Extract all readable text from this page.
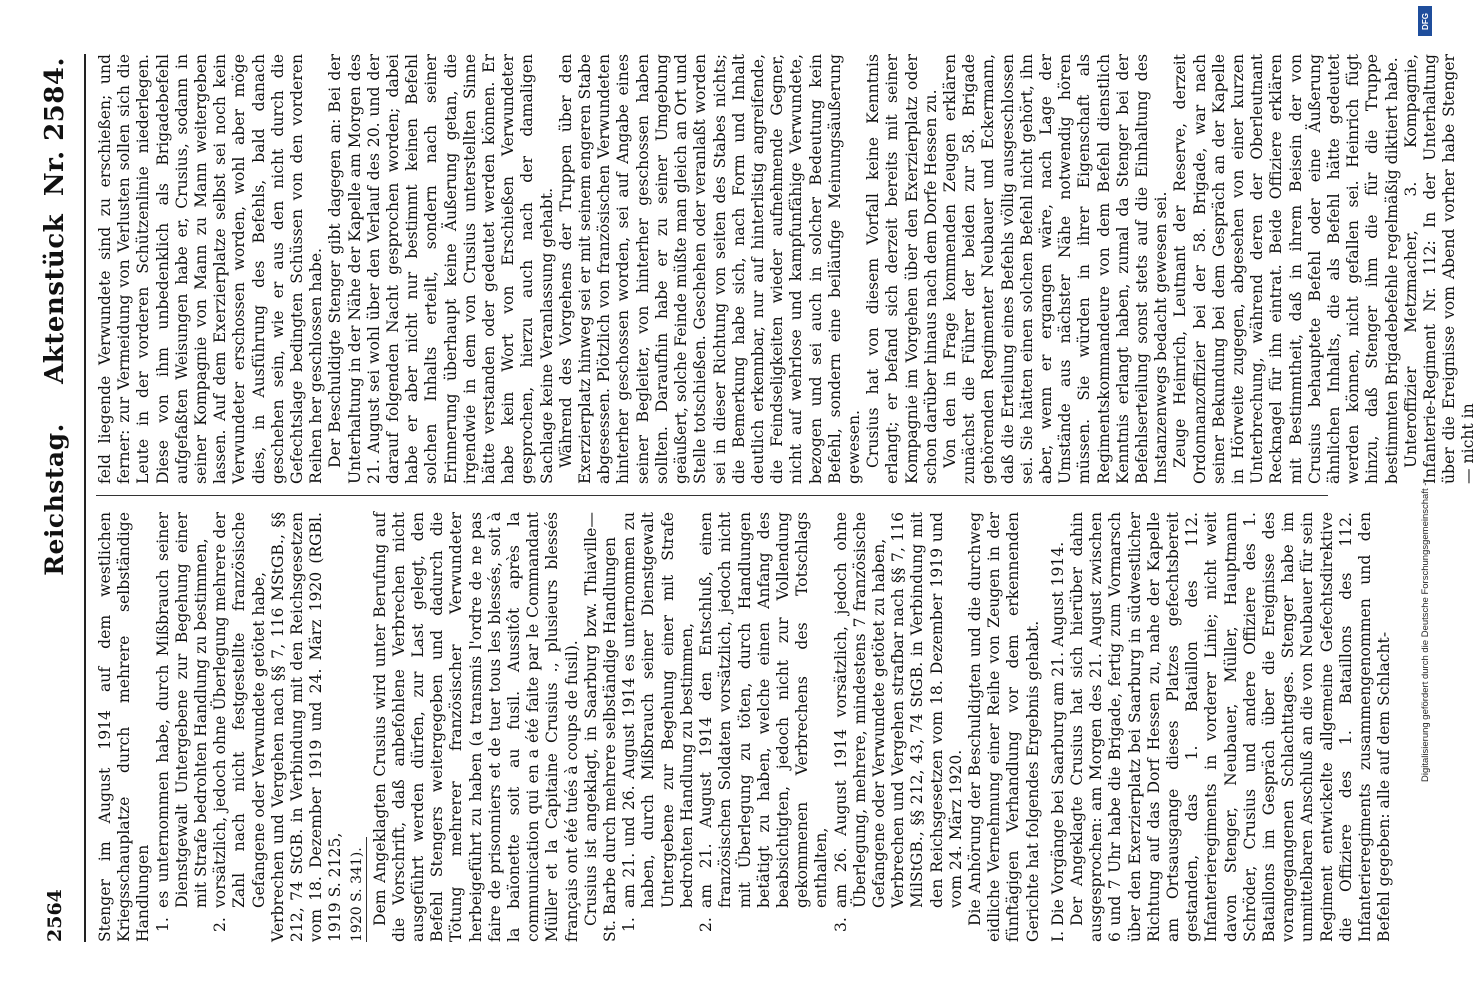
2564
Reichstag.
Aktenstück  Nr. 2584.

Stenger im August 1914 auf dem westlichen Kriegsschauplatze durch mehrere selbständige Handlungen 1.
es unternommen habe, durch Mißbrauch seiner Dienstgewalt Untergebene zur Begehung einer mit Strafe bedrohten Handlung zu bestimmen,

2.
vorsätzlich, jedoch ohne Überlegung mehrere der Zahl nach nicht festgestellte französische Gefangene oder Verwundete getötet habe, Verbrechen und Vergehen nach §§ 7, 116 MStGB., §§ 212, 74 StGB. in Verbindung mit den Reichsgesetzen vom 18. Dezember 1919 und 24. März 1920 (RGBl. 1919 S. 2125, 1920 S. 341). Dem Angeklagten Crusius wird unter Berufung auf die Vorschrift, daß anbefohlene Verbrechen nicht ausgeführt werden dürfen, zur Last gelegt, den Befehl Stengers weitergegeben und dadurch die Tötung mehrerer französischer Verwundeter herbeigeführt zu haben (a transmis l'ordre de ne pas faire de prisonniers et de tuer tous les blessés, soit à la baïonette soit au fusil. Aussitôt après la communication qui en a été faite par le Commandant Müller et la Capitaine Crusius ., plusieurs blessés français ont été tués à coups de fusil). Crusius ist angeklagt, in Saarburg bzw. Thiaville—St. Barbe durch mehrere selbständige Handlungen 1.
am 21. und 26. August 1914 es unternommen zu haben, durch Mißbrauch seiner Dienstgewalt Untergebene zur Begehung einer mit Strafe bedrohten Handlung zu bestimmen,

2.
am 21. August 1914 den Entschluß, einen französischen Soldaten vorsätzlich, jedoch nicht mit Überlegung zu töten, durch Handlungen betätigt zu haben, welche einen Anfang des beabsichtigten, jedoch nicht zur Vollendung gekommenen Verbrechens des Totschlags enthalten,

3.
am 26. August 1914 vorsätzlich, jedoch ohne Überlegung, mehrere, mindestens 7 französische Gefangene oder Verwundete getötet zu haben, Verbrechen und Vergehen strafbar nach §§ 7, 116 MilStGB., §§ 212, 43, 74 StGB. in Verbindung mit den Reichsgesetzen vom 18. Dezember 1919 und vom 24. März 1920. Die Anhörung der Beschuldigten und die durchweg eidliche Vernehmung einer Reihe von Zeugen in der fünftägigen Verhandlung vor dem erkennenden Gerichte hat folgendes Ergebnis gehabt. I. Die Vorgänge bei Saarburg am 21. August 1914. Der Angeklagte Crusius hat sich hierüber dahin ausgesprochen: am Morgen des 21. August zwischen 6 und 7 Uhr habe die Brigade, fertig zum Vormarsch über den Exerzierplatz bei Saarburg in südwestlicher Richtung auf das Dorf Hessen zu, nahe der Kapelle am Ortsausgange dieses Platzes gefechtsbereit gestanden, das 1. Bataillon des 112. Infanterieregiments in vorderer Linie; nicht weit davon Stenger, Neubauer, Müller, Hauptmann Schröder, Crusius und andere Offiziere des 1. Bataillons im Gespräch über die Ereignisse des vorangegangenen Schlachttages. Stenger habe im unmittelbaren Anschluß an die von Neubauer für sein Regiment entwickelte allgemeine Gefechtsdirektive die Offiziere des 1. Bataillons des 112. Infanterieregiments zusammengenommen und den Befehl gegeben: alle auf dem Schlacht-

feld liegende Verwundete sind zu erschießen; und ferner: zur Vermeidung von Verlusten sollen sich die Leute in der vorderen Schützenlinie niederlegen. Diese von ihm unbedenklich als Brigadebefehl aufgefaßten Weisungen habe er, Crusius, sodann in seiner Kompagnie von Mann zu Mann weitergeben lassen. Auf dem Exerzierplatze selbst sei noch kein Verwundeter erschossen worden, wohl aber möge dies, in Ausführung des Befehls, bald danach geschehen sein, wie er aus den nicht durch die Gefechtslage bedingten Schüssen von den vorderen Reihen her geschlossen habe. Der Beschuldigte Stenger gibt dagegen an: Bei der Unterhaltung in der Nähe der Kapelle am Morgen des 21. August sei wohl über den Verlauf des 20. und der darauf folgenden Nacht gesprochen worden; dabei habe er aber nicht nur bestimmt keinen Befehl solchen Inhalts erteilt, sondern nach seiner Erinnerung überhaupt keine Äußerung getan, die irgendwie in dem von Crusius unterstellten Sinne hätte verstanden oder gedeutet werden können. Er habe kein Wort von Erschießen Verwundeter gesprochen, hierzu auch nach der damaligen Sachlage keine Veranlassung gehabt. Während des Vorgehens der Truppen über den Exerzierplatz hinweg sei er mit seinem engeren Stabe abgesessen. Plötzlich von französischen Verwundeten hinterher geschossen worden, sei auf Angabe eines seiner Begleiter, von hinterher geschossen haben sollten. Daraufhin habe er zu seiner Umgebung geäußert, solche Feinde müßte man gleich an Ort und Stelle totschießen. Geschehen oder veranlaßt worden sei in dieser Richtung von seiten des Stabes nichts; die Bemerkung habe sich, nach Form und Inhalt deutlich erkennbar, nur auf hinterlistig angreifende, die Feindseligkeiten wieder aufnehmende Gegner, nicht auf wehrlose und kampfunfähige Verwundete, bezogen und sei auch in solcher Bedeutung kein Befehl, sondern eine beiläufige Meinungsäußerung gewesen. Crusius hat von diesem Vorfall keine Kenntnis erlangt; er befand sich derzeit bereits mit seiner Kompagnie im Vorgehen über den Exerzierplatz oder schon darüber hinaus nach dem Dorfe Hessen zu. Von den in Frage kommenden Zeugen erklären zunächst die Führer der beiden zur 58. Brigade gehörenden Regimenter Neubauer und Eckermann, daß die Erteilung eines Befehls völlig ausgeschlossen sei. Sie hätten einen solchen Befehl nicht gehört, ihn aber, wenn er ergangen wäre, nach Lage der Umstände aus nächster Nähe notwendig hören müssen. Sie würden in ihrer Eigenschaft als Regimentskommandeure von dem Befehl dienstlich Kenntnis erlangt haben, zumal da Stenger bei der Befehlserteilung sonst stets auf die Einhaltung des Instanzenwegs bedacht gewesen sei. Zeuge Heinrich, Leutnant der Reserve, derzeit Ordonnanzoffizier bei der 58. Brigade, war nach seiner Bekundung bei dem Gespräch an der Kapelle in Hörweite zugegen, abgesehen von einer kurzen Unterbrechung, während deren der Oberleutnant Recknagel für ihn eintrat. Beide Offiziere erklären mit Bestimmtheit, daß in ihrem Beisein der von Crusius behauptete Befehl oder eine Äußerung ähnlichen Inhalts, die als Befehl hätte gedeutet werden können, nicht gefallen sei. Heinrich fügt hinzu, daß Stenger ihm die für die Truppe bestimmten Brigadebefehle regelmäßig diktiert habe. Unteroffizier Metzmacher, 3. Kompagnie, Infanterie-Regiment Nr. 112: In der Unterhaltung über die Ereignisse vom Abend vorher habe Stenger — nicht in

DFG
Digitalisierung gefördert durch die Deutsche Forschungsgemeinschaft -
